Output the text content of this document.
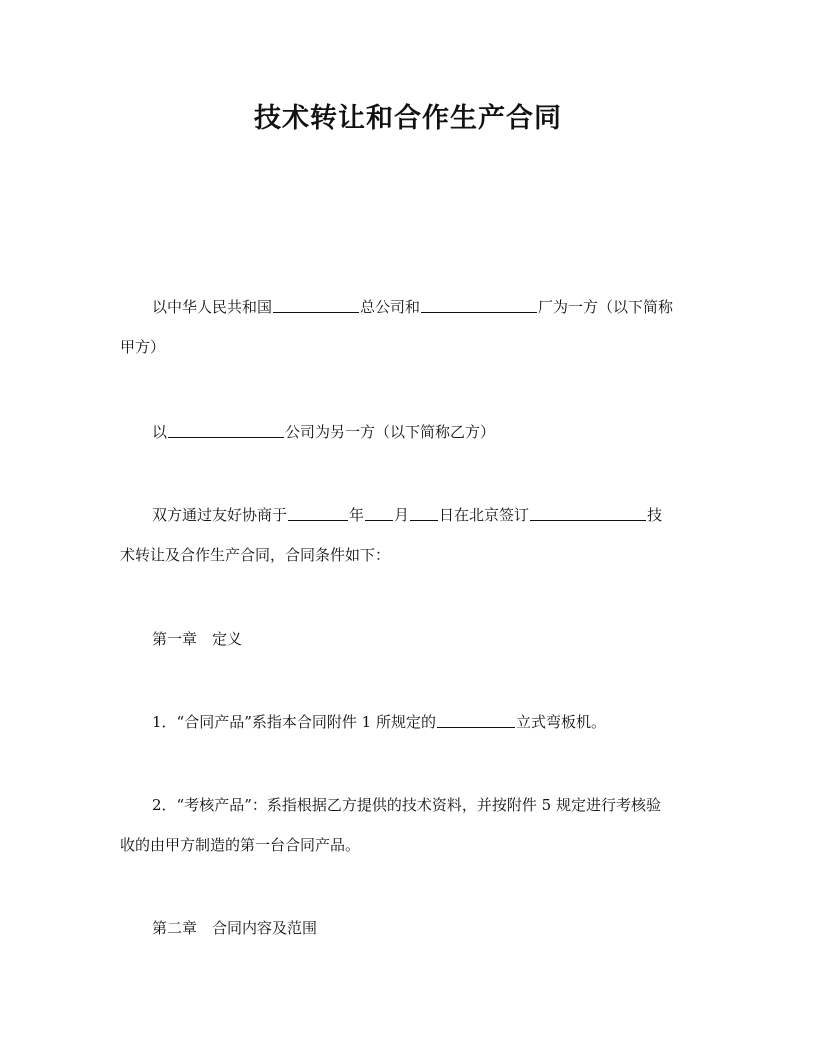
技术转让和合作生产合同
以中华人民共和国	总公司和	厂为一方（以下简称
甲方）
以	公司为另一方（以下简称乙方）
双方通过友好协商于	年 月 日在北京签订	技
术转让及合作生产合同，合同条件如下：
第一章　定义
1．“合同产品”系指本合同附件 1 所规定的	立式弯板机。
2．“考核产品”：系指根据乙方提供的技术资料，并按附件 5 规定进行考核验
收的由甲方制造的第一台合同产品。
第二章　合同内容及范围
